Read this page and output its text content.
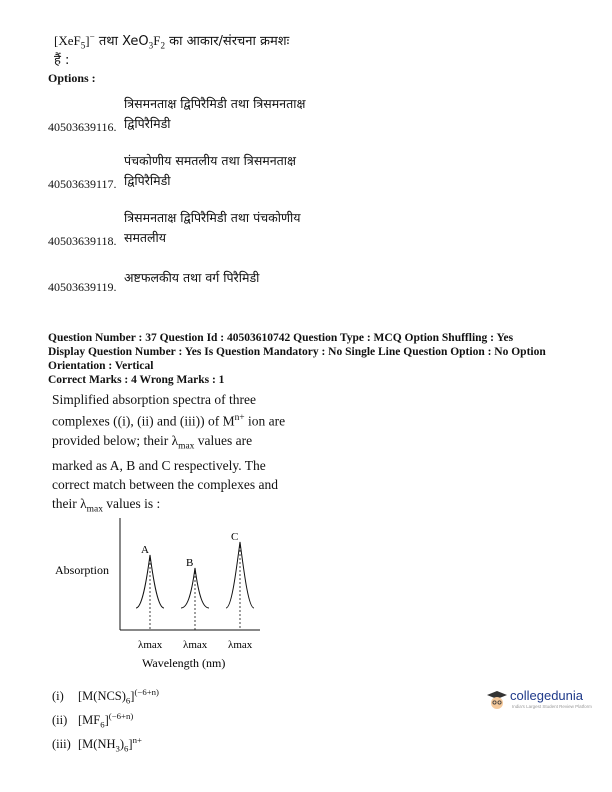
[XeF$_5$]− तथा $XeO_3F_2$ का आकार/संरचना क्रमशः
हैं :
Options :
त्रिसमनताक्ष द्विपिरैमिडी तथा त्रिसमनताक्ष
40503639116. द्विपिरैमिडी
पंचकोणीय समतलीय तथा त्रिसमनताक्ष
40503639117. द्विपिरैमिडी
त्रिसमनताक्ष द्विपिरैमिडी तथा पंचकोणीय
40503639118. समतलीय
अष्टफलकीय तथा वर्ग पिरैमिडी
40503639119.
Question Number : 37 Question Id : 40503610742 Question Type : MCQ Option Shuffling : Yes
Display Question Number : Yes Is Question Mandatory : No Single Line Question Option : No Option
Orientation : Vertical
Correct Marks : 4 Wrong Marks : 1
Simplified absorption spectra of three
complexes ((i), (ii) and (iii)) of $M^{n+}$ ion are
provided below; their $\lambda_{max}$ values are
marked as A, B and C respectively. The
correct match between the complexes and
their $\lambda_{max}$ values is :
Absorption
Wavelength (nm)
A
λmax
B
λmax
C
λmax
(i) $[M(NCS)_6]^{(-6+n)}$
(ii) $[MF_6]^{(-6+n)}$
(iii) $[M(NH_3)_6]^{n+}$
collegedunia
India's Largest Student Review Platform
